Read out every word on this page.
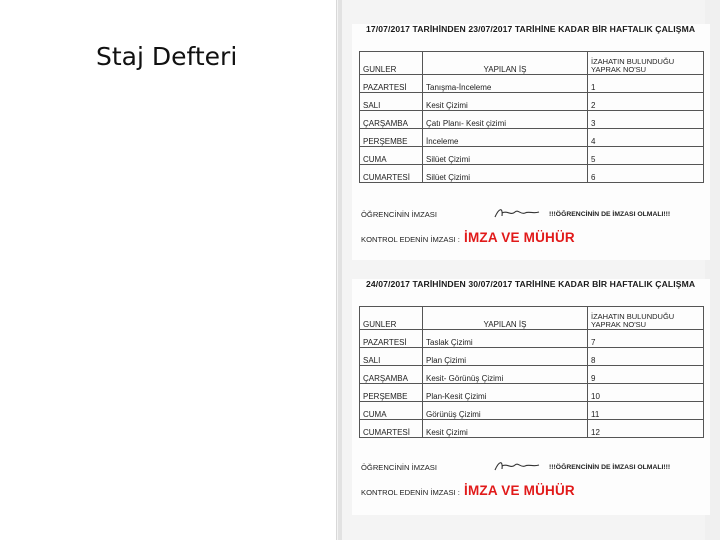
Staj Defteri
17/07/2017 TARİHİNDEN 23/07/2017 TARİHİNE KADAR BİR HAFTALIK ÇALIŞMA
GUNLER	YAPILAN İŞ	İZAHATIN BULUNDUĞU YAPRAK NO'SU
PAZARTESİ	Tanışma-İnceleme	1
SALI	Kesit Çizimi	2
ÇARŞAMBA	Çatı Planı- Kesit çizimi	3
PERŞEMBE	İnceleme	4
CUMA	Silüet Çizimi	5
CUMARTESİ	Silüet Çizimi	6
ÖĞRENCİNİN İMZASI	!!!ÖĞRENCİNİN DE İMZASI OLMALI!!!
KONTROL EDENİN İMZASI : İMZA VE MÜHÜR
24/07/2017 TARİHİNDEN 30/07/2017 TARİHİNE KADAR BİR HAFTALIK ÇALIŞMA
GUNLER	YAPILAN İŞ	İZAHATIN BULUNDUĞU YAPRAK NO'SU
PAZARTESİ	Taslak Çizimi	7
SALI	Plan Çizimi	8
ÇARŞAMBA	Kesit- Görünüş Çizimi	9
PERŞEMBE	Plan-Kesit Çizimi	10
CUMA	Görünüş Çizimi	11
CUMARTESİ	Kesit Çizimi	12
ÖĞRENCİNİN İMZASI	!!!ÖĞRENCİNİN DE İMZASI OLMALI!!!
KONTROL EDENİN İMZASI : İMZA VE MÜHÜR
